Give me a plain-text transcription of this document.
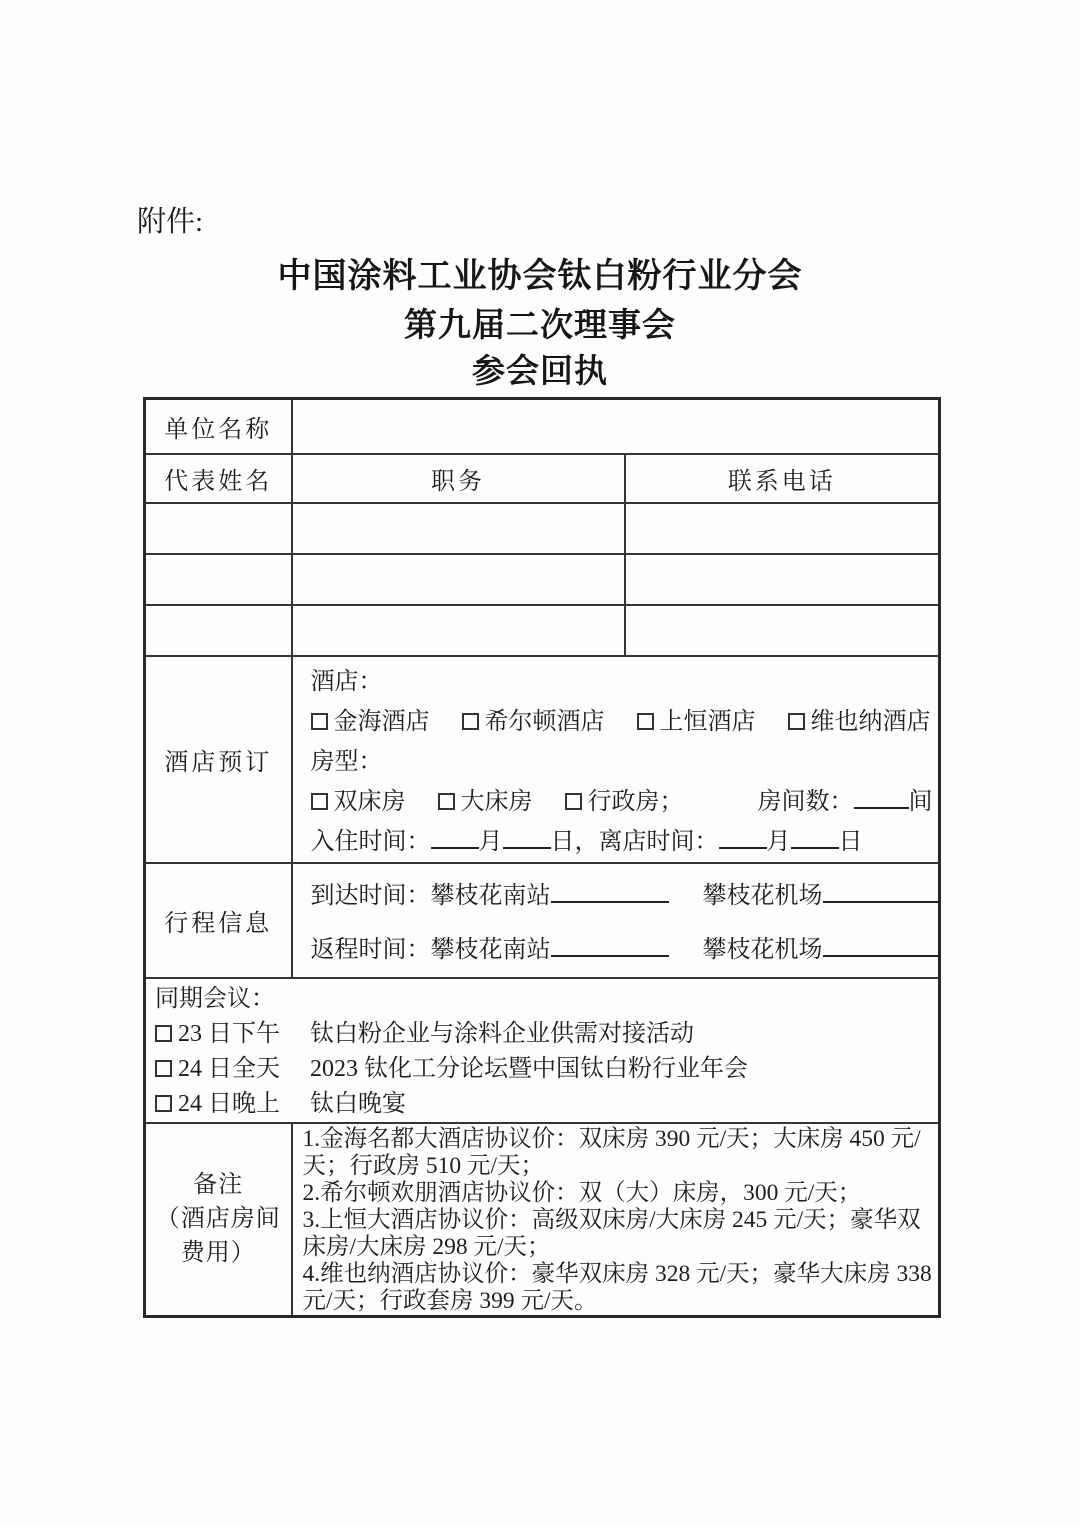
附件:
中国涂料工业协会钛白粉行业分会
第九届二次理事会
参会回执
单位名称		
代表姓名	职务	联系电话

酒店预订	酒店：
金海酒店 希尔顿酒店 上恒酒店 维也纳酒店
房型：
双床房 大床房 行政房； 房间数： 间
入住时间： 月 日，离店时间： 月 日	

行程信息	到达时间：攀枝花南站 攀枝花机场
返程时间：攀枝花南站 攀枝花机场	

同期会议：
23 日下午 钛白粉企业与涂料企业供需对接活动
24 日全天 2023 钛化工分论坛暨中国钛白粉行业年会
24 日晚上 钛白晚宴		

备注
（酒店房间
费用）

1.金海名都大酒店协议价：双床房 390 元/天；大床房 450 元/天；行政房 510 元/天；
2.希尔顿欢朋酒店协议价：双（大）床房，300 元/天；
3.上恒大酒店协议价：高级双床房/大床房 245 元/天；豪华双床房/大床房 298 元/天；
4.维也纳酒店协议价：豪华双床房 328 元/天；豪华大床房 338 元/天；行政套房 399 元/天。
